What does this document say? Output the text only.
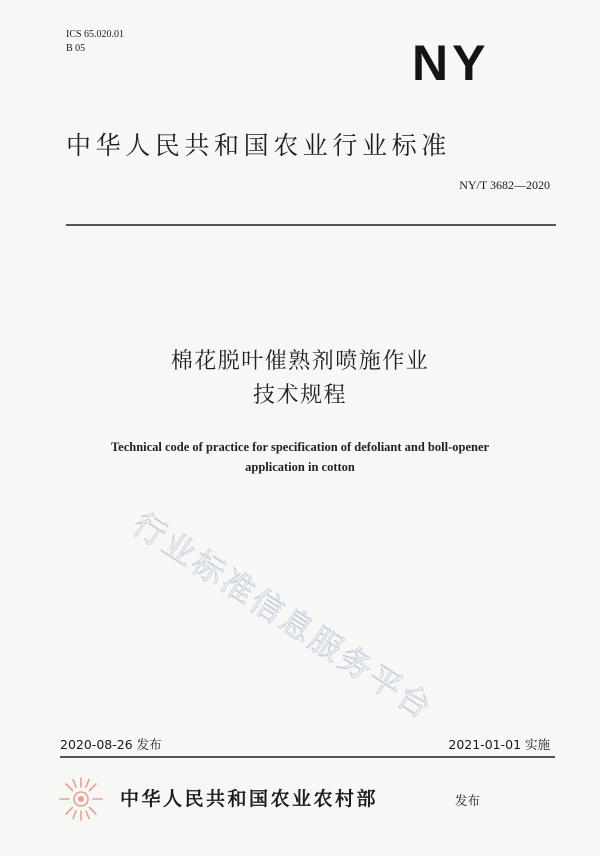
ICS 65.020.01
B 05	NY
中华人民共和国农业行业标准
NY/T 3682—2020
棉花脱叶催熟剂喷施作业
技术规程
Technical code of practice for specification of defoliant and boll-opener
application in cotton
行业标准信息服务平台
2020-08-26 发布	2021-01-01 实施
中华人民共和国农业农村部	发布
